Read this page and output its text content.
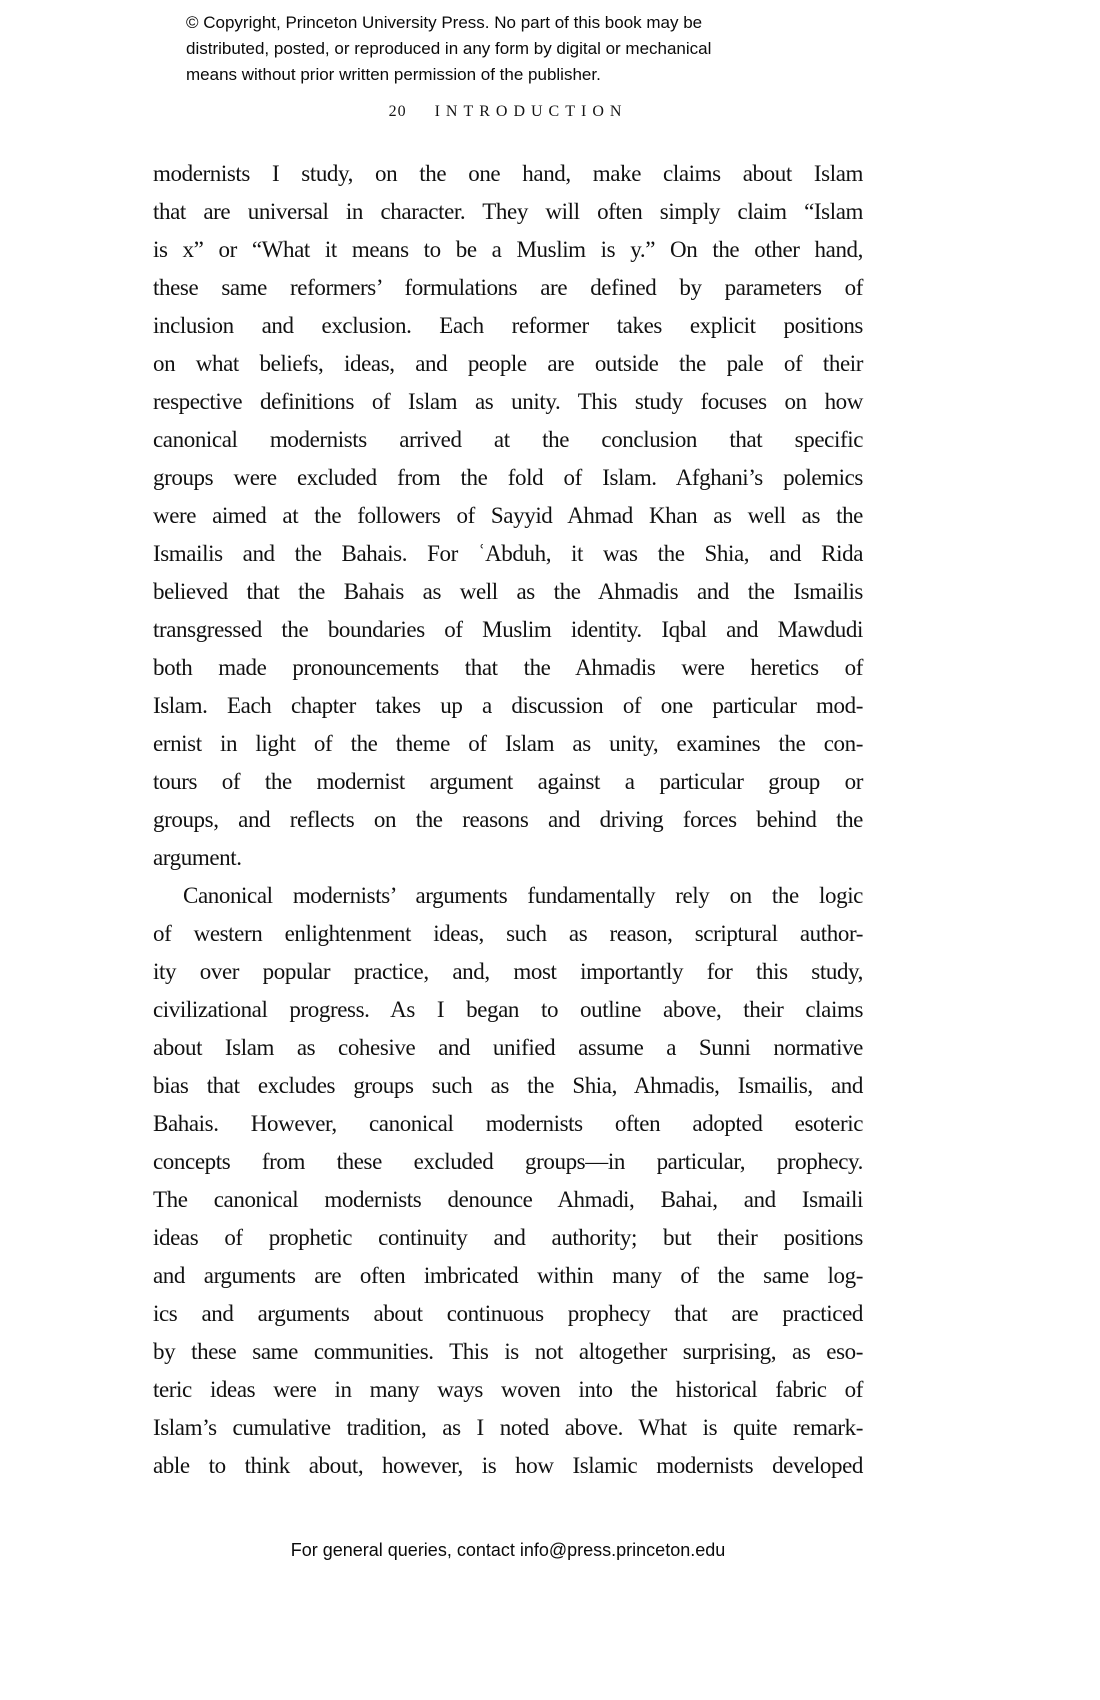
© Copyright, Princeton University Press. No part of this book may be
distributed, posted, or reproduced in any form by digital or mechanical
means without prior written permission of the publisher.
20 INTRODUCTION
modernists I study, on the one hand, make claims about Islam
that are universal in character. They will often simply claim “Islam
is x” or “What it means to be a Muslim is y.” On the other hand,
these same reformers’ formulations are defined by parameters of
inclusion and exclusion. Each reformer takes explicit positions
on what beliefs, ideas, and people are outside the pale of their
respective definitions of Islam as unity. This study focuses on how
canonical modernists arrived at the conclusion that specific
groups were excluded from the fold of Islam. Afghani’s polemics
were aimed at the followers of Sayyid Ahmad Khan as well as the
Ismailis and the Bahais. For ʿAbduh, it was the Shia, and Rida
believed that the Bahais as well as the Ahmadis and the Ismailis
transgressed the boundaries of Muslim identity. Iqbal and Mawdudi
both made pronouncements that the Ahmadis were heretics of
Islam. Each chapter takes up a discussion of one particular mod-
ernist in light of the theme of Islam as unity, examines the con-
tours of the modernist argument against a particular group or
groups, and reflects on the reasons and driving forces behind the
argument.
Canonical modernists’ arguments fundamentally rely on the logic
of western enlightenment ideas, such as reason, scriptural author-
ity over popular practice, and, most importantly for this study,
civilizational progress. As I began to outline above, their claims
about Islam as cohesive and unified assume a Sunni normative
bias that excludes groups such as the Shia, Ahmadis, Ismailis, and
Bahais. However, canonical modernists often adopted esoteric
concepts from these excluded groups—in particular, prophecy.
The canonical modernists denounce Ahmadi, Bahai, and Ismaili
ideas of prophetic continuity and authority; but their positions
and arguments are often imbricated within many of the same log-
ics and arguments about continuous prophecy that are practiced
by these same communities. This is not altogether surprising, as eso-
teric ideas were in many ways woven into the historical fabric of
Islam’s cumulative tradition, as I noted above. What is quite remark-
able to think about, however, is how Islamic modernists developed
For general queries, contact info@press.princeton.edu
